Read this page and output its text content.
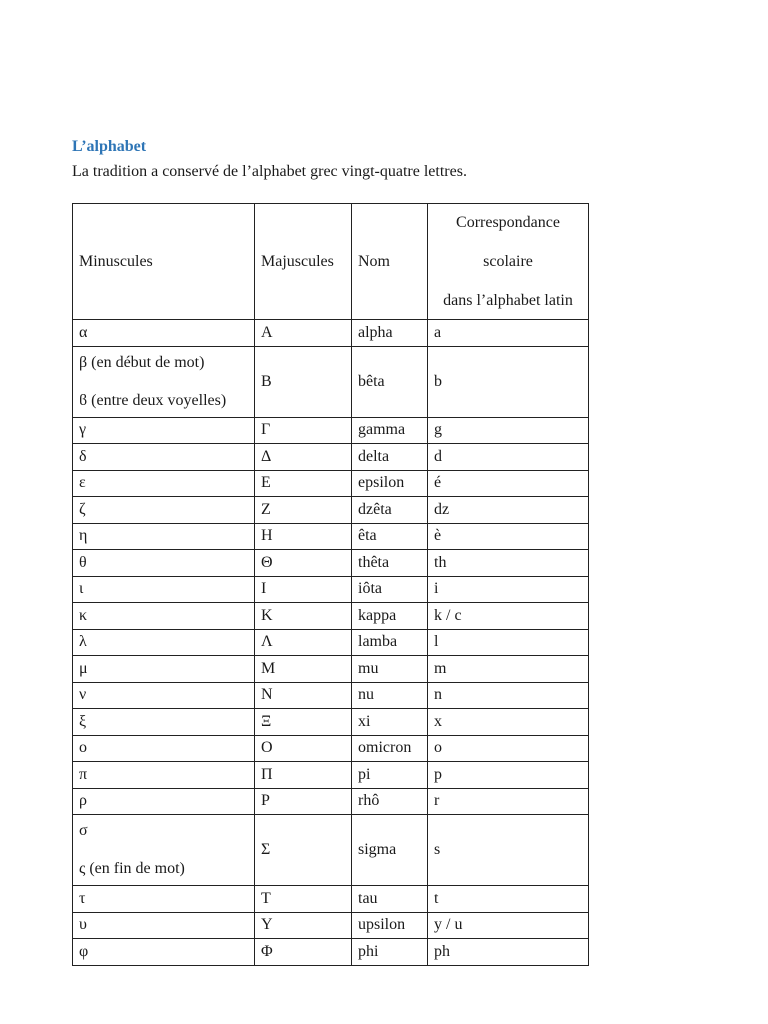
L’alphabet

La tradition a conservé de l’alphabet grec vingt-quatre lettres.

Minuscules	Majuscules	Nom	Correspondance
scolaire
dans l’alphabet latin

α	Α	alpha	a

β (en début de mot)
ϐ (entre deux voyelles)	Β	bêta	b
γ	Γ	gamma	g
δ	Δ	delta	d
ε	Ε	epsilon	é
ζ	Ζ	dzêta	dz
η	Η	êta	è
θ	Θ	thêta	th
ι	Ι	iôta	i
κ	Κ	kappa	k / c
λ	Λ	lamba	l
μ	Μ	mu	m
ν	Ν	nu	n
ξ	Ξ	xi	x
ο	Ο	omicron	o
π	Π	pi	p
ρ	Ρ	rhô	r

σ
ς (en fin de mot)	Σ	sigma	s
τ	Τ	tau	t
υ	Υ	upsilon	y / u
φ	Φ	phi	ph
